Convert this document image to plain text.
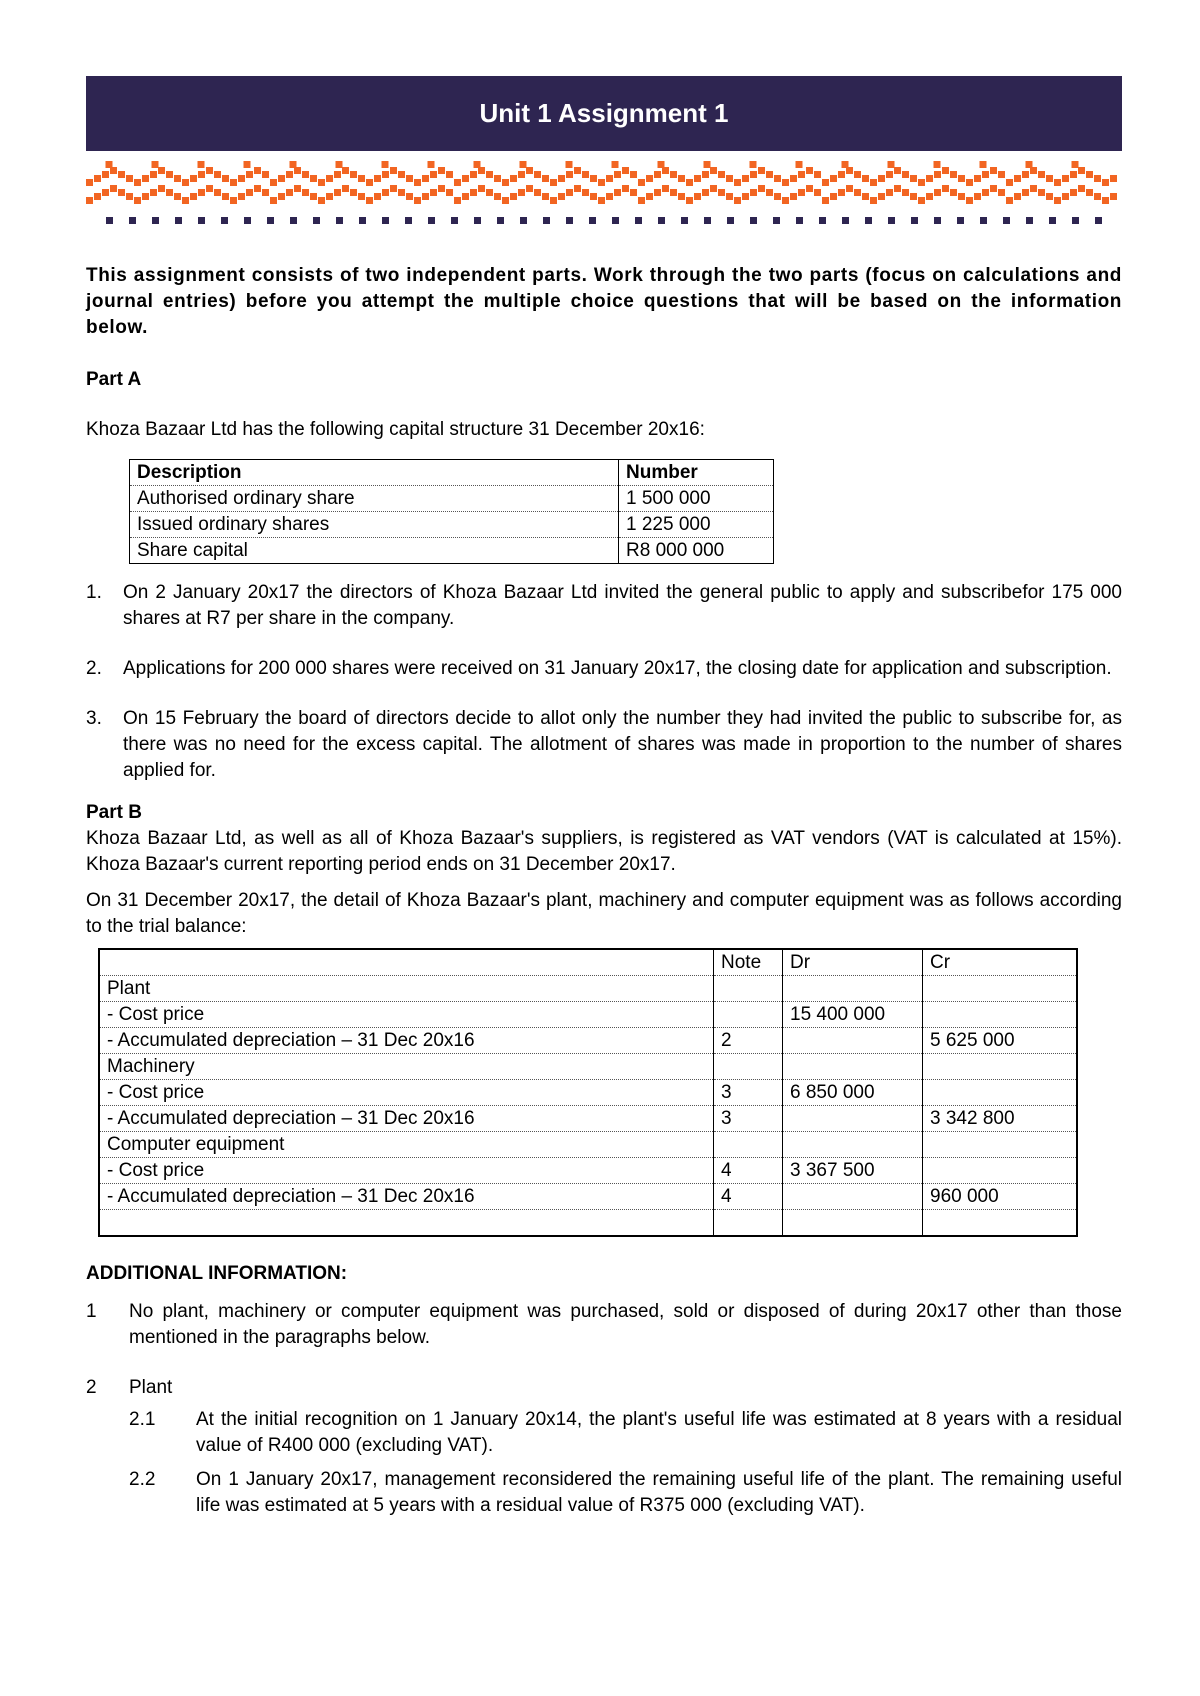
Unit 1 Assignment 1

This assignment consists of two independent parts. Work through the two parts (focus on calculations and journal entries) before you attempt the multiple choice questions that will be based on the information below.

Part A

Khoza Bazaar Ltd has the following capital structure 31 December 20x16:

Description	Number
Authorised ordinary share	1 500 000
Issued ordinary shares	1 225 000
Share capital	R8 000 000
1.	On 2 January 20x17 the directors of Khoza Bazaar Ltd invited the general public to apply and subscribefor 175 000 shares at R7 per share in the company.
2.	Applications for 200 000 shares were received on 31 January 20x17, the closing date for application and subscription.
3.	On 15 February the board of directors decide to allot only the number they had invited the public to subscribe for, as there was no need for the excess capital. The allotment of shares was made in proportion to the number of shares applied for.

Part B

Khoza Bazaar Ltd, as well as all of Khoza Bazaar's suppliers, is registered as VAT vendors (VAT is calculated at 15%). Khoza Bazaar's current reporting period ends on 31 December 20x17.

On 31 December 20x17, the detail of Khoza Bazaar's plant, machinery and computer equipment was as follows according to the trial balance:

	Note	Dr	Cr
Plant			
- Cost price		15 400 000	
- Accumulated depreciation – 31 Dec 20x16	2		5 625 000
Machinery			
- Cost price	3	6 850 000	
- Accumulated depreciation – 31 Dec 20x16	3		3 342 800
Computer equipment			
- Cost price	4	3 367 500	
- Accumulated depreciation – 31 Dec 20x16	4		960 000

ADDITIONAL INFORMATION:

1	No plant, machinery or computer equipment was purchased, sold or disposed of during 20x17 other than those mentioned in the paragraphs below.
2	Plant
2.1	At the initial recognition on 1 January 20x14, the plant's useful life was estimated at 8 years with a residual value of R400 000 (excluding VAT).
2.2	On 1 January 20x17, management reconsidered the remaining useful life of the plant. The remaining useful life was estimated at 5 years with a residual value of R375 000 (excluding VAT).
